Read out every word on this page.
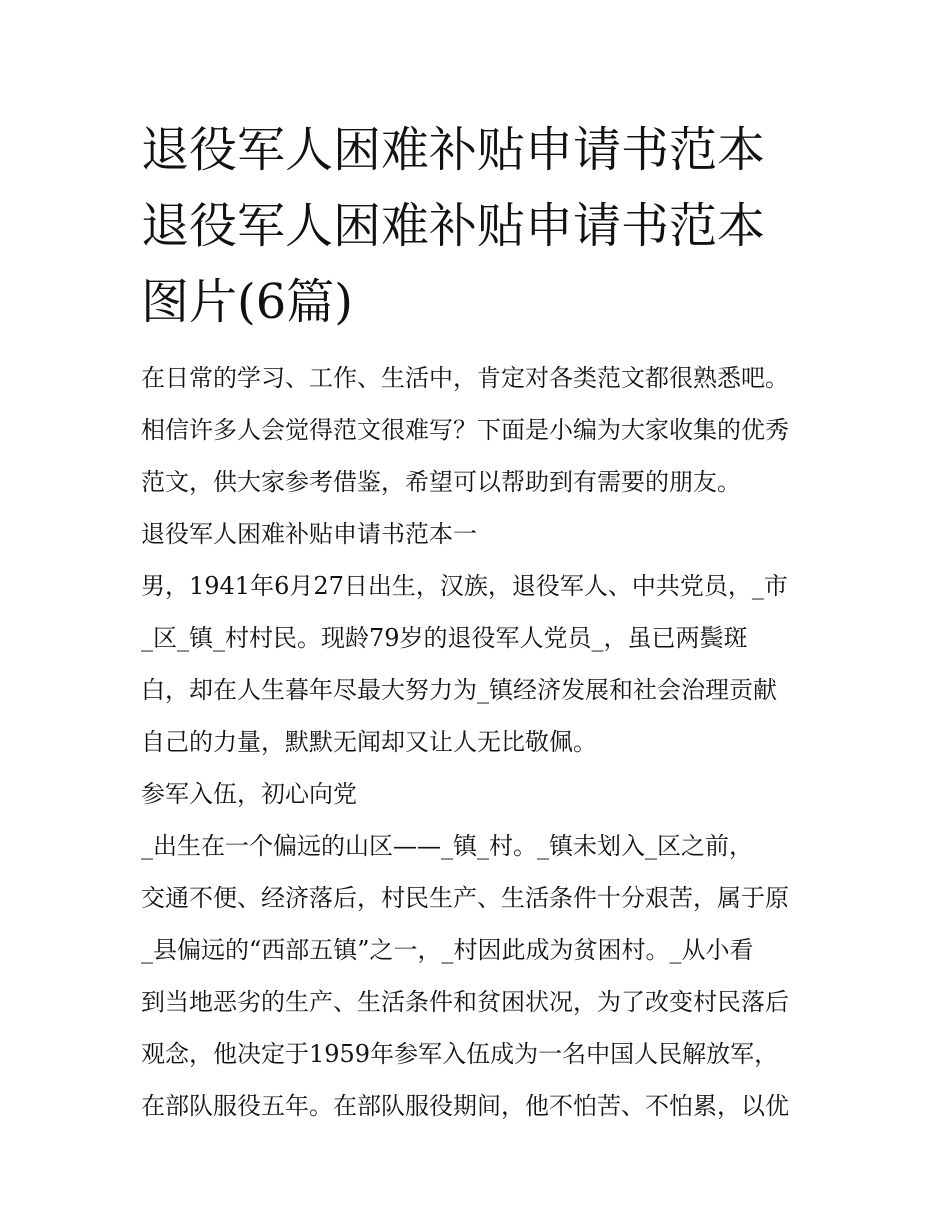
退役军人困难补贴申请书范本
退役军人困难补贴申请书范本
图片(6篇)
在日常的学习、工作、生活中，肯定对各类范文都很熟悉吧。
相信许多人会觉得范文很难写？下面是小编为大家收集的优秀
范文，供大家参考借鉴，希望可以帮助到有需要的朋友。
退役军人困难补贴申请书范本一
男，1941年6月27日出生，汉族，退役军人、中共党员，_市
_区_镇_村村民。现龄79岁的退役军人党员_，虽已两鬓斑
白，却在人生暮年尽最大努力为_镇经济发展和社会治理贡献
自己的力量，默默无闻却又让人无比敬佩。
参军入伍，初心向党
_出生在一个偏远的山区——_镇_村。_镇未划入_区之前，
交通不便、经济落后，村民生产、生活条件十分艰苦，属于原
_县偏远的“西部五镇”之一，_村因此成为贫困村。_从小看
到当地恶劣的生产、生活条件和贫困状况，为了改变村民落后
观念，他决定于1959年参军入伍成为一名中国人民解放军，
在部队服役五年。在部队服役期间，他不怕苦、不怕累，以优
